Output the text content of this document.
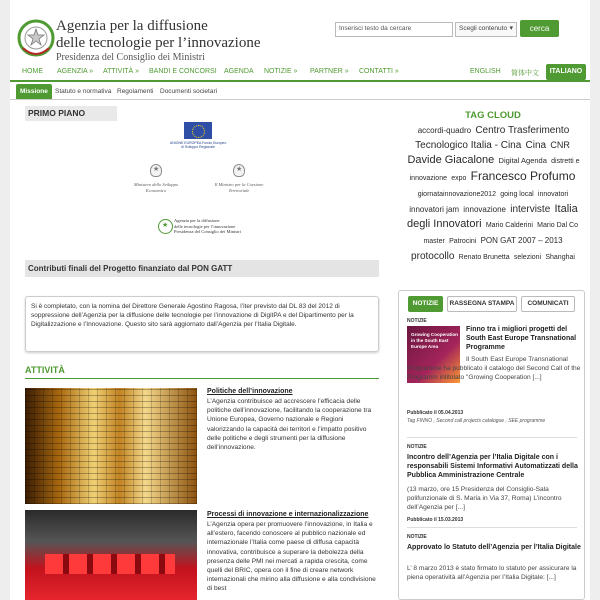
Agenzia per la diffusione
delle tecnologie per l’innovazione
Presidenza del Consiglio dei Ministri
Inserisci testo da cercare	Scegli contenuto ▾	cerca
HOME AGENZIA » ATTIVITÀ » BANDI E CONCORSI AGENDA NOTIZIE » PARTNER » CONTATTI »	ENGLISH 简体中文	ITALIANO
Missione	Statuto e normativa Regolamenti Documenti societari
PRIMO PIANO
UNIONE EUROPEA Fondo Europeo di Sviluppo Regionale
★
Ministero dello Sviluppo Economico
★
Il Ministro per la Coesione Territoriale
★
Agenzia per la diffusione
delle tecnologie per l’innovazione
Presidenza del Consiglio dei Ministri
Contributi finali del Progetto finanziato dal PON GATT
Si è completato, con la nomina del Direttore Generale Agostino Ragosa, l’iter previsto dal DL 83 del 2012 di soppressione dell’Agenzia per la diffusione delle tecnologie per l’innovazione di DigitPA e del Dipartimento per la Digitalizzazione e l’Innovazione. Questo sito sarà aggiornato dall’Agenzia per l’Italia Digitale.
ATTIVITÀ
Politiche dell’innovazione
L’Agenzia contribuisce ad accrescere l’efficacia delle politiche dell’innovazione, facilitando la cooperazione tra Unione Europea, Governo nazionale e Regioni valorizzando la capacità dei territori e l’impatto positivo delle politiche e degli strumenti per la diffusione dell’innovazione.
Processi di innovazione e internazionalizzazione
L’Agenzia opera per promuovere l’innovazione, in Italia e all’estero, facendo conoscere al pubblico nazionale ed internazionale l’Italia come paese di diffusa capacità innovativa, contribuisce a superare la debolezza della presenza delle PMI nei mercati a rapida crescita, come quelli del BRIC, opera con il fine di creare network internazionali che mirino alla diffusione e alla condivisione di best
TAG CLOUD
accordi-quadro Centro Trasferimento Tecnologico Italia - Cina Cina CNR Davide Giacalone Digital Agenda distretti e innovazione expo Francesco Profumo giornatainnovazione2012 going local innovatori innovatori jam innovazione interviste Italia degli Innovatori Mario Calderini Mario Dal Co master Patrocini PON GAT 2007 – 2013 protocollo Renato Brunetta selezioni Shanghai
NOTIZIE	RASSEGNA STAMPA	COMUNICATI
NOTIZIE
Growing Cooperation in the South East Europe Area
Finno tra i migliori progetti del South East Europe Transnational Programme
Il South East Europe Transnational Programme ha pubblicato il catalogo del Second Call of the Programm intitolato "Growing Cooperation [...]
Pubblicato il 05.04.2013
Tag FINNO , Second call projects catalogue , SEE programme
NOTIZIE
Incontro dell’Agenzia per l’Italia Digitale con i responsabili Sistemi Informativi Automatizzati della Pubblica Amministrazione Centrale
(13 marzo, ore 15 Presidenza del Consiglio-Sala polifunzionale di S. Maria in Via 37, Roma) L’incontro dell’Agenzia per [...]
Pubblicato il 15.03.2013
NOTIZIE
Approvato lo Statuto dell’Agenzia per l’Italia Digitale
L’ 8 marzo 2013 è stato firmato lo statuto per assicurare la piena operatività all’Agenzia per l’Italia Digitale: [...]
